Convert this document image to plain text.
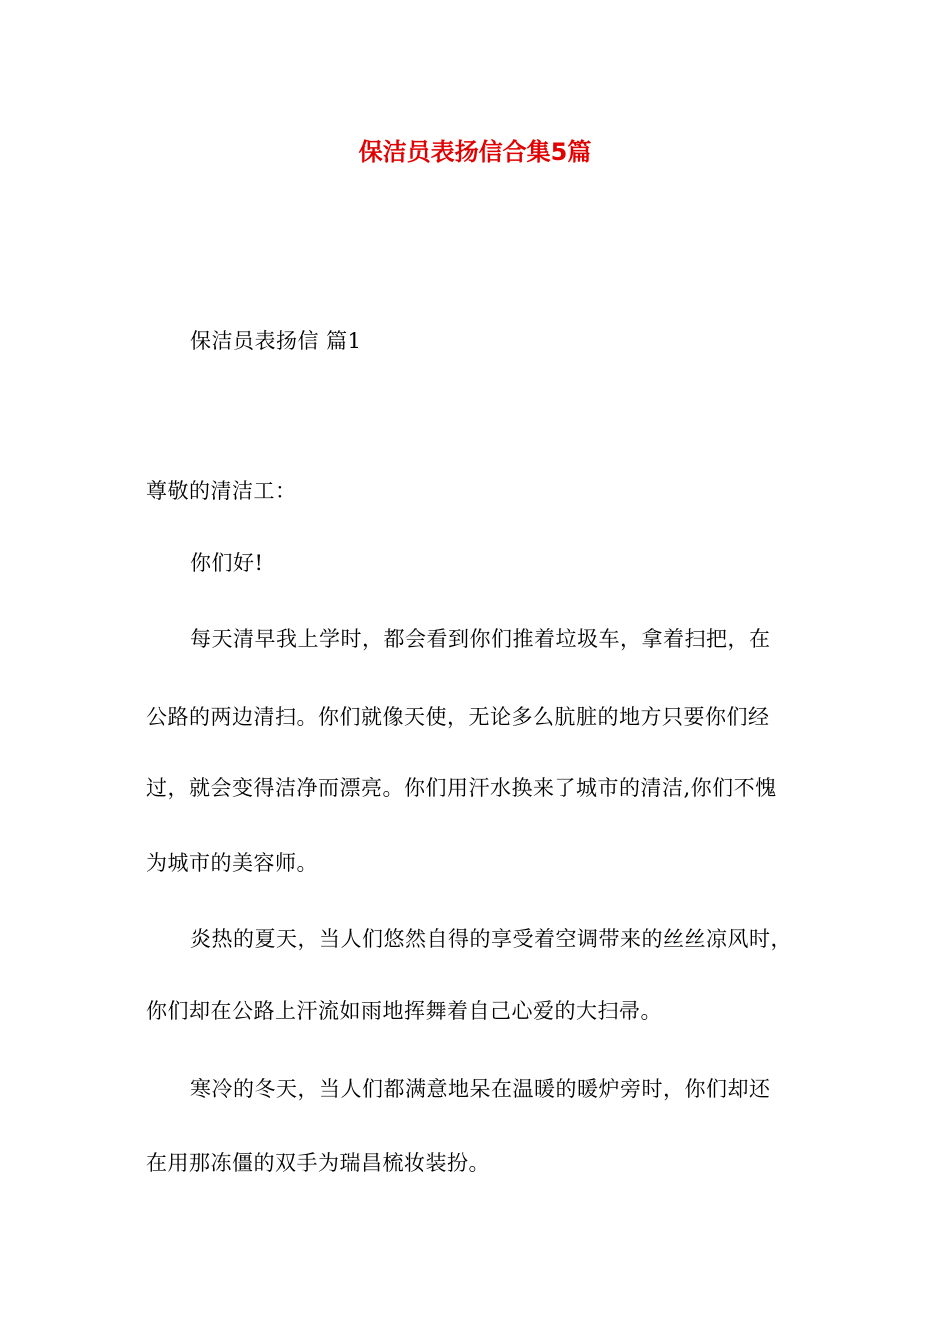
保洁员表扬信合集5篇
保洁员表扬信 篇1
尊敬的清洁工：
你们好!
每天清早我上学时，都会看到你们推着垃圾车，拿着扫把，在
公路的两边清扫。你们就像天使，无论多么肮脏的地方只要你们经
过，就会变得洁净而漂亮。你们用汗水换来了城市的清洁,你们不愧
为城市的美容师。
炎热的夏天，当人们悠然自得的享受着空调带来的丝丝凉风时，
你们却在公路上汗流如雨地挥舞着自己心爱的大扫帚。
寒冷的冬天，当人们都满意地呆在温暖的暖炉旁时，你们却还
在用那冻僵的双手为瑞昌梳妆装扮。
